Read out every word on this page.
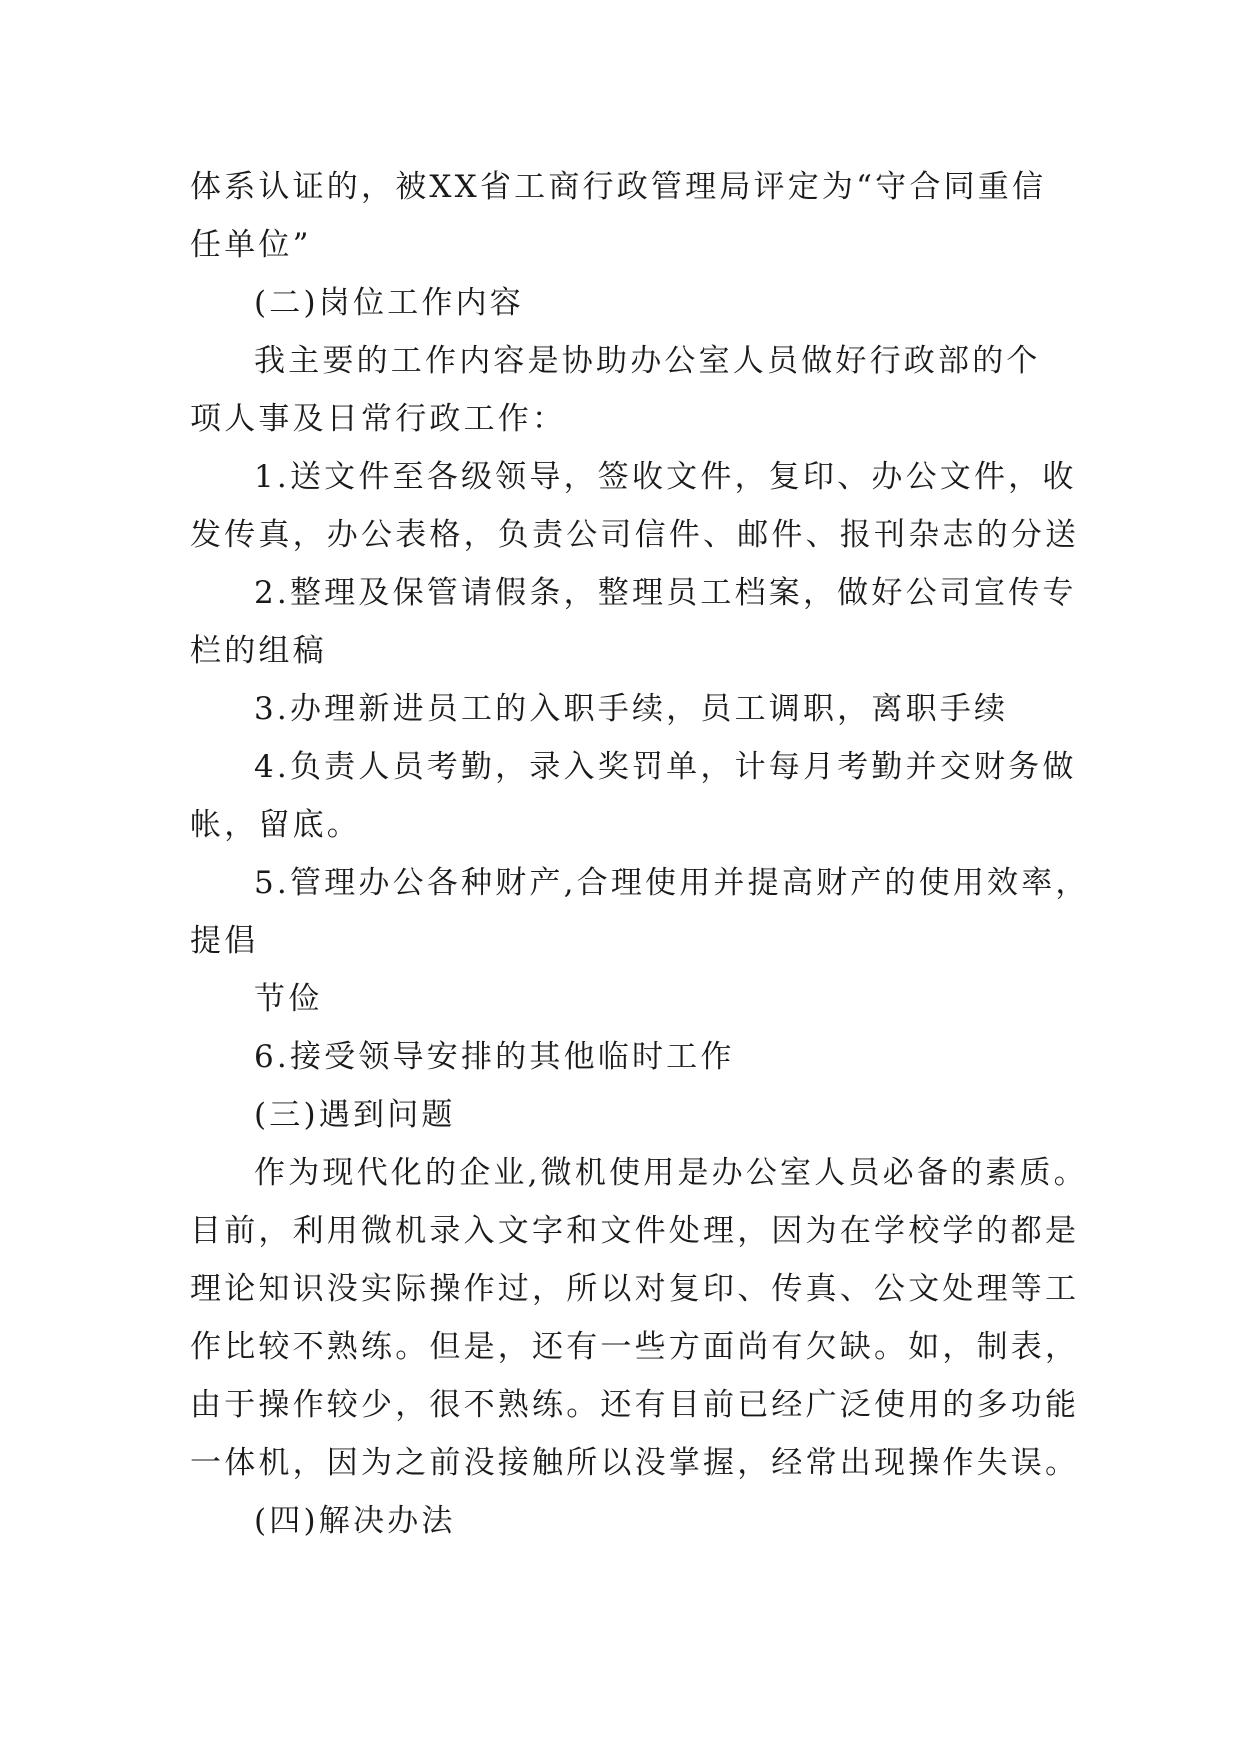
体系认证的，被XX省工商行政管理局评定为“守合同重信
任单位”
(二)岗位工作内容
我主要的工作内容是协助办公室人员做好行政部的个
项人事及日常行政工作：
1.送文件至各级领导，签收文件，复印、办公文件，收
发传真，办公表格，负责公司信件、邮件、报刊杂志的分送
2.整理及保管请假条，整理员工档案，做好公司宣传专
栏的组稿
3.办理新进员工的入职手续，员工调职，离职手续
4.负责人员考勤，录入奖罚单，计每月考勤并交财务做
帐，留底。
5.管理办公各种财产,合理使用并提高财产的使用效率，
提倡
节俭
6.接受领导安排的其他临时工作
(三)遇到问题
作为现代化的企业,微机使用是办公室人员必备的素质。
目前，利用微机录入文字和文件处理，因为在学校学的都是
理论知识没实际操作过，所以对复印、传真、公文处理等工
作比较不熟练。但是，还有一些方面尚有欠缺。如，制表，
由于操作较少，很不熟练。还有目前已经广泛使用的多功能
一体机，因为之前没接触所以没掌握，经常出现操作失误。
(四)解决办法
